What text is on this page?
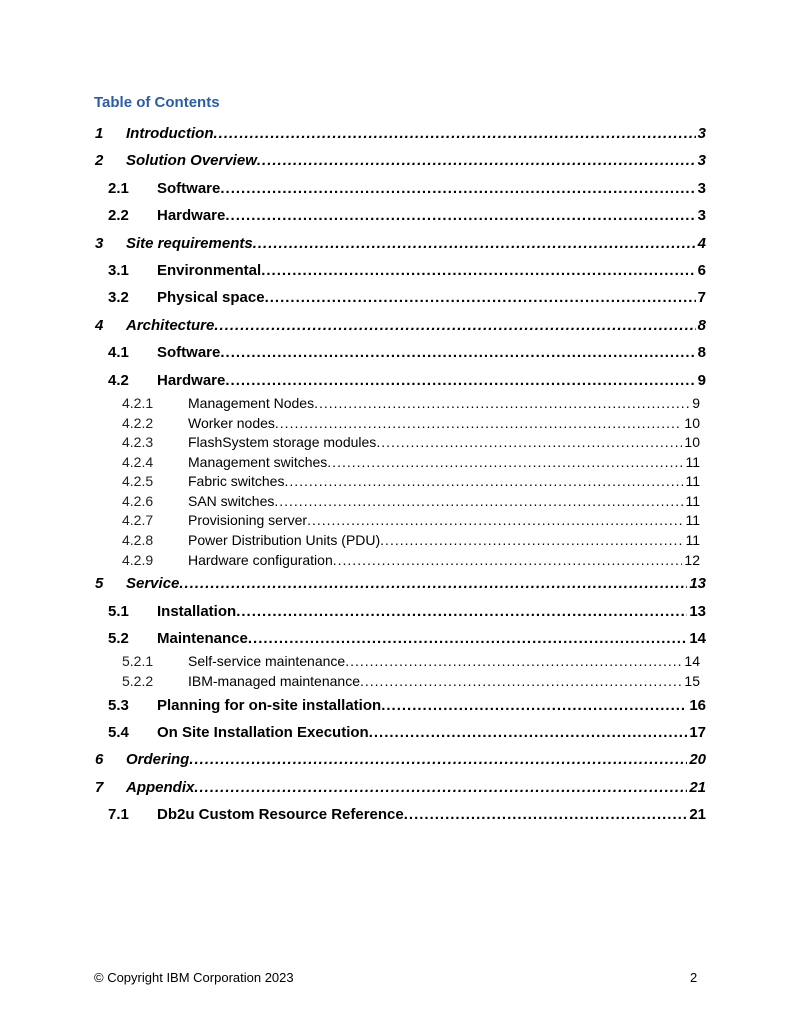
Table of Contents
1	Introduction .....	3
2	Solution Overview .....	3
2.1	Software .....	3
2.2	Hardware .....	3
3	Site requirements .....	4
3.1	Environmental .....	6
3.2	Physical space .....	7
4	Architecture .....	8
4.1	Software .....	8
4.2	Hardware .....	9
4.2.1	Management Nodes .....	9
4.2.2	Worker nodes .....	10
4.2.3	FlashSystem storage modules .....	10
4.2.4	Management switches .....	11
4.2.5	Fabric switches .....	11
4.2.6	SAN switches .....	11
4.2.7	Provisioning server .....	11
4.2.8	Power Distribution Units (PDU) .....	11
4.2.9	Hardware configuration .....	12
5	Service .....	13
5.1	Installation .....	13
5.2	Maintenance .....	14
5.2.1	Self-service maintenance .....	14
5.2.2	IBM-managed maintenance .....	15
5.3	Planning for on-site installation .....	16
5.4	On Site Installation Execution .....	17
6	Ordering .....	20
7	Appendix .....	21
7.1	Db2u Custom Resource Reference .....	21
© Copyright IBM Corporation 2023	2
